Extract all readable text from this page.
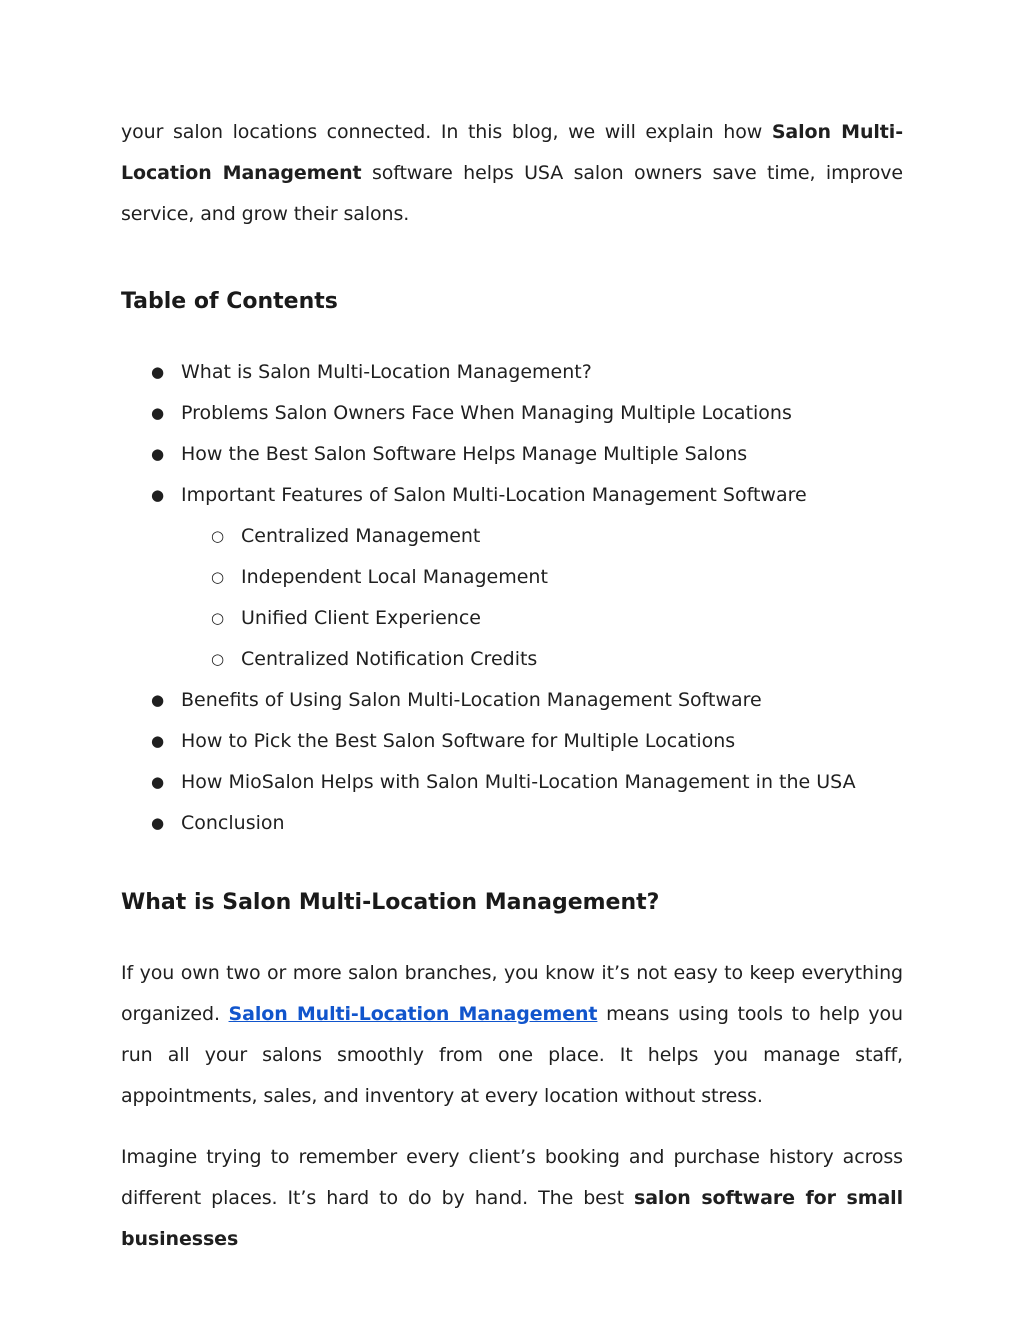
your salon locations connected. In this blog, we will explain how Salon Multi-Location Management software helps USA salon owners save time, improve service, and grow their salons.

Table of Contents
● What is Salon Multi-Location Management?
● Problems Salon Owners Face When Managing Multiple Locations
● How the Best Salon Software Helps Manage Multiple Salons
● Important Features of Salon Multi-Location Management Software
○ Centralized Management
○ Independent Local Management
○ Unified Client Experience
○ Centralized Notification Credits
● Benefits of Using Salon Multi-Location Management Software
● How to Pick the Best Salon Software for Multiple Locations
● How MioSalon Helps with Salon Multi-Location Management in the USA
● Conclusion
What is Salon Multi-Location Management?

If you own two or more salon branches, you know it’s not easy to keep everything organized. Salon Multi-Location Management means using tools to help you run all your salons smoothly from one place. It helps you manage staff, appointments, sales, and inventory at every location without stress.

Imagine trying to remember every client’s booking and purchase history across different places. It’s hard to do by hand. The best salon software for small businesses
